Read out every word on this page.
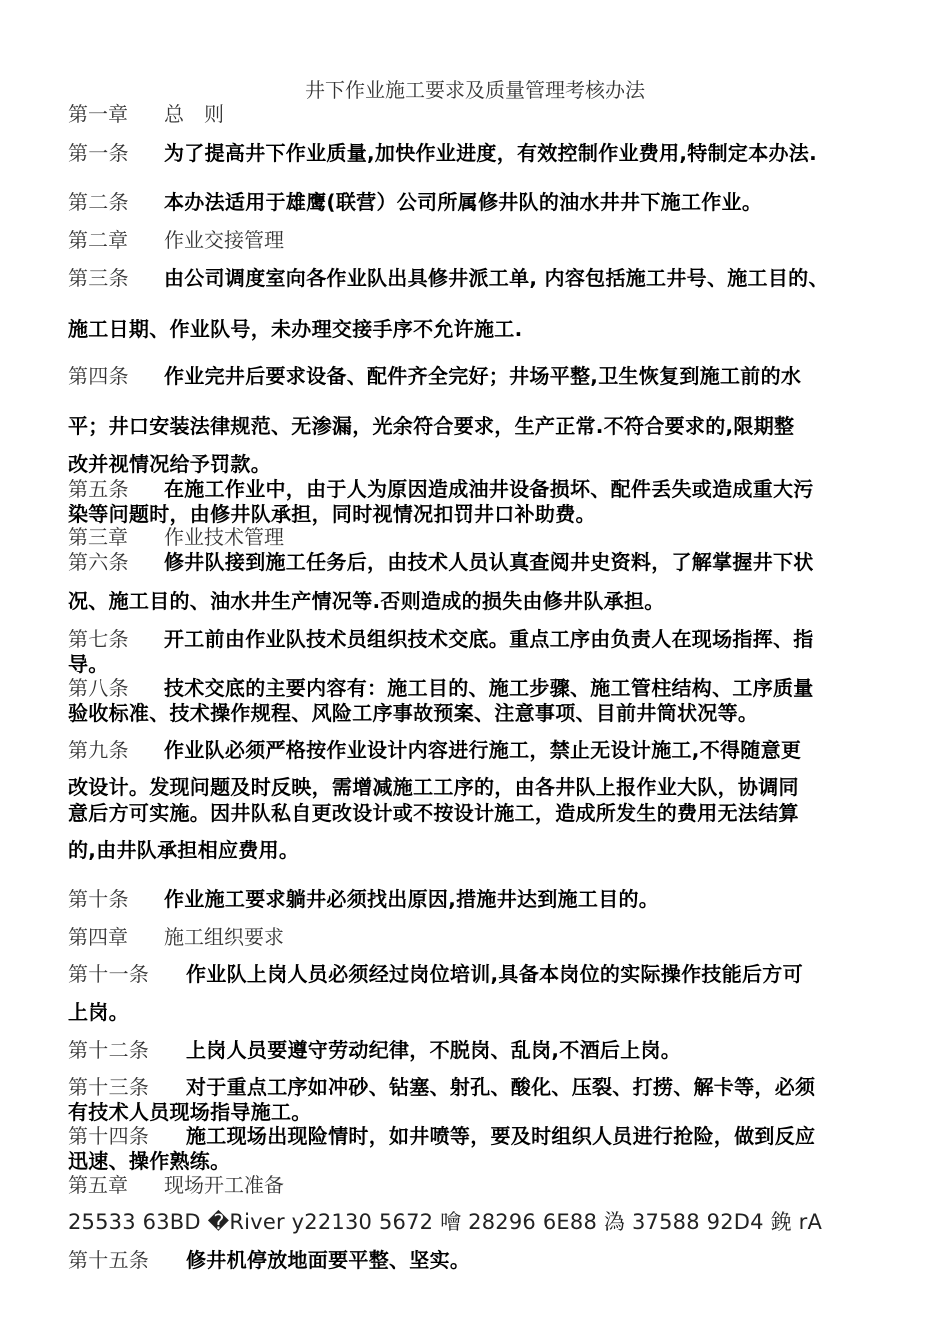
井下作业施工要求及质量管理考核办法
第一章 总　则
第一条 为了提高井下作业质量,加快作业进度，有效控制作业费用,特制定本办法.
第二条 本办法适用于雄鹰(联营）公司所属修井队的油水井井下施工作业。
第二章 作业交接管理
第三条 由公司调度室向各作业队出具修井派工单, 内容包括施工井号、施工目的、
施工日期、作业队号，未办理交接手序不允许施工.
第四条 作业完井后要求设备、配件齐全完好；井场平整,卫生恢复到施工前的水
平；井口安装法律规范、无渗漏，光余符合要求，生产正常.不符合要求的,限期整
改并视情况给予罚款。
第五条 在施工作业中，由于人为原因造成油井设备损坏、配件丢失或造成重大污
染等问题时，由修井队承担，同时视情况扣罚井口补助费。
第三章 作业技术管理
第六条 修井队接到施工任务后，由技术人员认真查阅井史资料，了解掌握井下状
况、施工目的、油水井生产情况等.否则造成的损失由修井队承担。
第七条 开工前由作业队技术员组织技术交底。重点工序由负责人在现场指挥、指
导。
第八条 技术交底的主要内容有：施工目的、施工步骤、施工管柱结构、工序质量
验收标准、技术操作规程、风险工序事故预案、注意事项、目前井筒状况等。
第九条 作业队必须严格按作业设计内容进行施工，禁止无设计施工,不得随意更
改设计。发现问题及时反映，需增减施工工序的，由各井队上报作业大队，协调同
意后方可实施。因井队私自更改设计或不按设计施工，造成所发生的费用无法结算
的,由井队承担相应费用。
第十条 作业施工要求躺井必须找出原因,措施井达到施工目的。
第四章 施工组织要求
第十一条 作业队上岗人员必须经过岗位培训,具备本岗位的实际操作技能后方可
上岗。
第十二条 上岗人员要遵守劳动纪律，不脱岗、乱岗,不酒后上岗。
第十三条 对于重点工序如冲砂、钻塞、射孔、酸化、压裂、打捞、解卡等，必须
有技术人员现场指导施工。
第十四条 施工现场出现险情时，如井喷等，要及时组织人员进行抢险，做到反应
迅速、操作熟练。
第五章 现场开工准备
25533 63BD �River y22130 5672 噲 28296 6E88 溈 37588 92D4 鋔 rA
第十五条 修井机停放地面要平整、坚实。
